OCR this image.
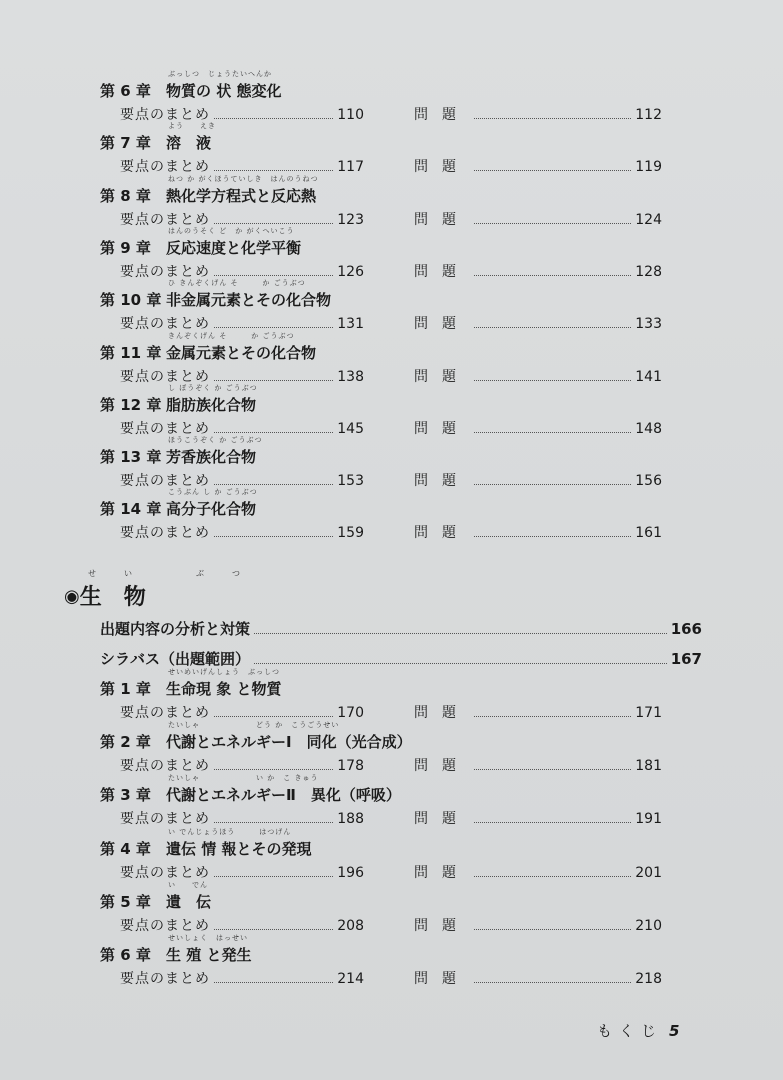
第 6 章
ぶっしつ　じょうたいへんか
物質の 状 態変化
要点のまとめ	110	問題	112
第 7 章
よう　　えき
溶　液
要点のまとめ	117	問題	119
第 8 章
ねつ か がくほうていしき　はんのうねつ
熱化学方程式と反応熱
要点のまとめ	123	問題	124
第 9 章
はんのうそく ど　か がくへいこう
反応速度と化学平衡
要点のまとめ	126	問題	128
第 10 章
ひ きんぞくげん そ　　　か ごうぶつ
非金属元素とその化合物
要点のまとめ	131	問題	133
第 11 章
きんぞくげん そ　　　か ごうぶつ
金属元素とその化合物
要点のまとめ	138	問題	141
第 12 章
し ぼうぞく か ごうぶつ
脂肪族化合物
要点のまとめ	145	問題	148
第 13 章
ほうこうぞく か ごうぶつ
芳香族化合物
要点のまとめ	153	問題	156
第 14 章
こうぶん し か ごうぶつ
高分子化合物
要点のまとめ	159	問題	161
せい　ぶつ
◉生　物
出題内容の分析と対策	166
シラバス（出題範囲）	167
第 1 章
せいめいげんしょう　ぶっしつ
生命現 象 と物質
要点のまとめ	170	問題	171
第 2 章
たいしゃ　　　　　　　どう か　こうごうせい
代謝とエネルギーⅠ　同化（光合成）
要点のまとめ	178	問題	181
第 3 章
たいしゃ　　　　　　　い か　こ きゅう
代謝とエネルギーⅡ　異化（呼吸）
要点のまとめ	188	問題	191
第 4 章
い でんじょうほう　　　はつげん
遺伝 情 報とその発現
要点のまとめ	196	問題	201
第 5 章
い　　でん
遺　伝
要点のまとめ	208	問題	210
第 6 章
せいしょく　はっせい
生 殖 と発生
要点のまとめ	214	問題	218
もくじ 5
